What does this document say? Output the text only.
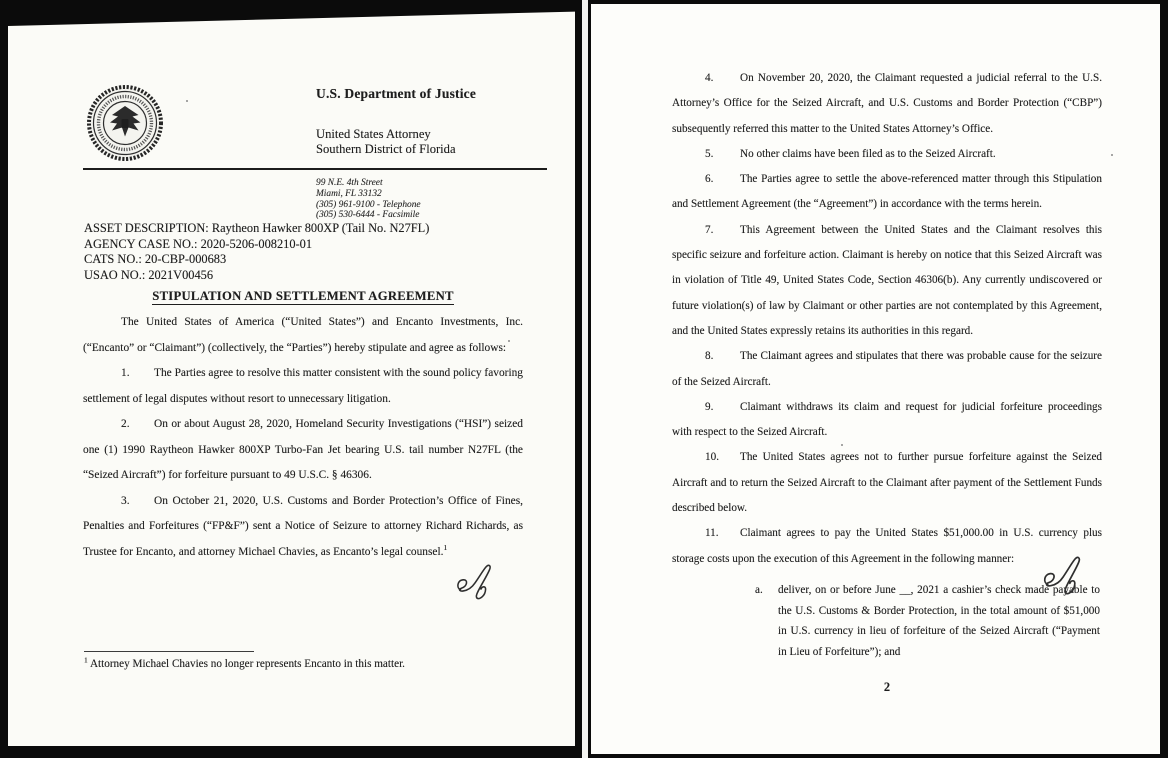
U.S. Department of Justice
United States Attorney
Southern District of Florida
99 N.E. 4th Street
Miami, FL 33132
(305) 961-9100 - Telephone
(305) 530-6444 - Facsimile
ASSET DESCRIPTION: Raytheon Hawker 800XP (Tail No. N27FL)
AGENCY CASE NO.: 2020-5206-008210-01
CATS NO.: 20-CBP-000683
USAO NO.: 2021V00456
STIPULATION AND SETTLEMENT AGREEMENT

The United States of America (“United States”) and Encanto Investments, Inc. (“Encanto” or “Claimant”) (collectively, the “Parties”) hereby stipulate and agree as follows:

1. The Parties agree to resolve this matter consistent with the sound policy favoring settlement of legal disputes without resort to unnecessary litigation.

2. On or about August 28, 2020, Homeland Security Investigations (“HSI”) seized one (1) 1990 Raytheon Hawker 800XP Turbo-Fan Jet bearing U.S. tail number N27FL (the “Seized Aircraft”) for forfeiture pursuant to 49 U.S.C. § 46306.

3. On October 21, 2020, U.S. Customs and Border Protection’s Office of Fines, Penalties and Forfeitures (“FP&F”) sent a Notice of Seizure to attorney Richard Richards, as Trustee for Encanto, and attorney Michael Chavies, as Encanto’s legal counsel.$^1$

$^1$ Attorney Michael Chavies no longer represents Encanto in this matter.

4. On November 20, 2020, the Claimant requested a judicial referral to the U.S. Attorney’s Office for the Seized Aircraft, and U.S. Customs and Border Protection (“CBP”) subsequently referred this matter to the United States Attorney’s Office.

5. No other claims have been filed as to the Seized Aircraft.

6. The Parties agree to settle the above-referenced matter through this Stipulation and Settlement Agreement (the “Agreement”) in accordance with the terms herein.

7. This Agreement between the United States and the Claimant resolves this specific seizure and forfeiture action. Claimant is hereby on notice that this Seized Aircraft was in violation of Title 49, United States Code, Section 46306(b). Any currently undiscovered or future violation(s) of law by Claimant or other parties are not contemplated by this Agreement, and the United States expressly retains its authorities in this regard.

8. The Claimant agrees and stipulates that there was probable cause for the seizure of the Seized Aircraft.

9. Claimant withdraws its claim and request for judicial forfeiture proceedings with respect to the Seized Aircraft.

10. The United States agrees not to further pursue forfeiture against the Seized Aircraft and to return the Seized Aircraft to the Claimant after payment of the Settlement Funds described below.

11. Claimant agrees to pay the United States $51,000.00 in U.S. currency plus storage costs upon the execution of this Agreement in the following manner:

a. deliver, on or before June __, 2021 a cashier’s check made payable to the U.S. Customs & Border Protection, in the total amount of $51,000 in U.S. currency in lieu of forfeiture of the Seized Aircraft (“Payment in Lieu of Forfeiture”); and

2
